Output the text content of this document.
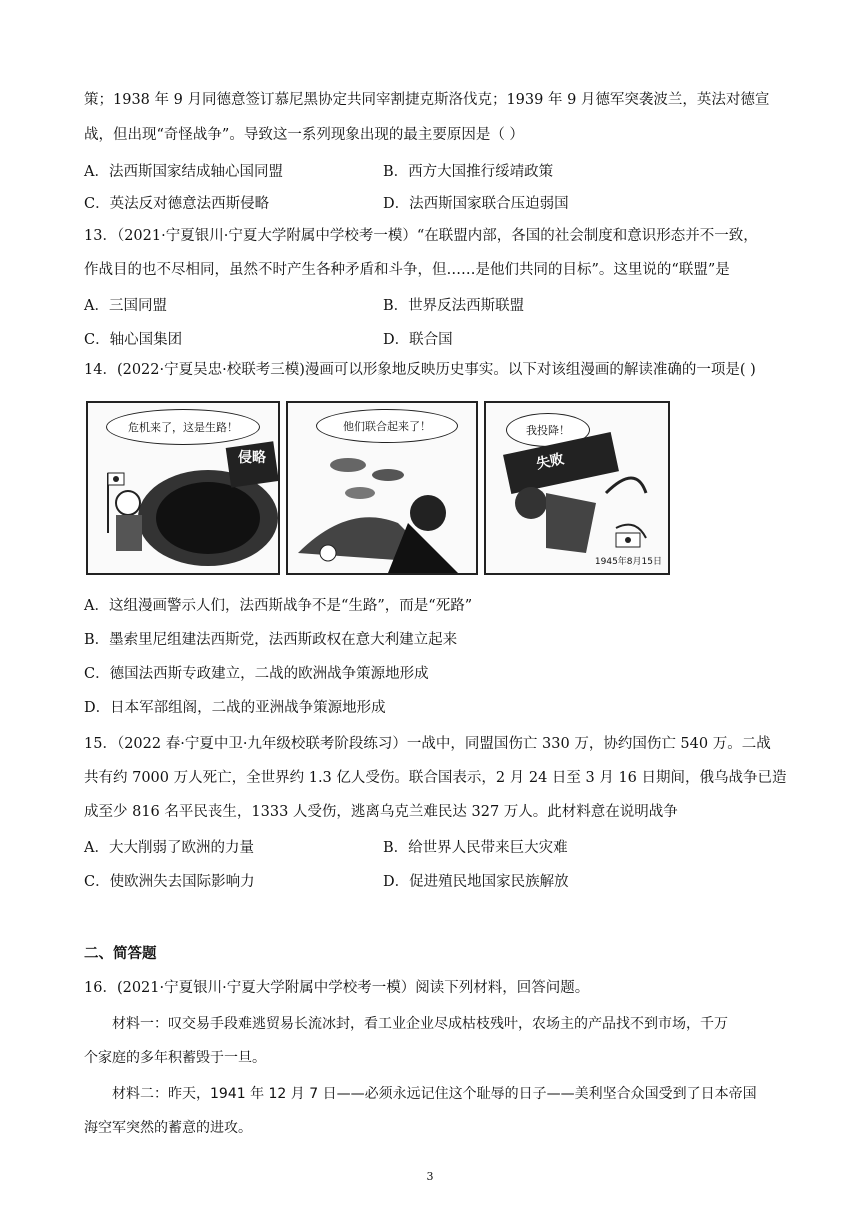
策；1938 年 9 月同德意签订慕尼黑协定共同宰割捷克斯洛伐克；1939 年 9 月德军突袭波兰，英法对德宣
战，但出现“奇怪战争”。导致这一系列现象出现的最主要原因是（ ）
A．法西斯国家结成轴心国同盟	B．西方大国推行绥靖政策
C．英法反对德意法西斯侵略	D．法西斯国家联合压迫弱国
13．（2021·宁夏银川·宁夏大学附属中学校考一模）“在联盟内部，各国的社会制度和意识形态并不一致，
作战目的也不尽相同，虽然不时产生各种矛盾和斗争，但……是他们共同的目标”。这里说的“联盟”是
A．三国同盟	B．世界反法西斯联盟
C．轴心国集团	D．联合国
14．(2022·宁夏吴忠·校联考三模)漫画可以形象地反映历史事实。以下对该组漫画的解读准确的一项是( )
危机来了，这是生路！
侵略
他们联合起来了！	我投降！
失败
1945年8月15日
A．这组漫画警示人们，法西斯战争不是“生路”，而是“死路”
B．墨索里尼组建法西斯党，法西斯政权在意大利建立起来
C．德国法西斯专政建立，二战的欧洲战争策源地形成
D．日本军部组阁，二战的亚洲战争策源地形成
15．（2022 春·宁夏中卫·九年级校联考阶段练习）一战中，同盟国伤亡 330 万，协约国伤亡 540 万。二战
共有约 7000 万人死亡，全世界约 1.3 亿人受伤。联合国表示，2 月 24 日至 3 月 16 日期间，俄乌战争已造
成至少 816 名平民丧生，1333 人受伤，逃离乌克兰难民达 327 万人。此材料意在说明战争
A．大大削弱了欧洲的力量	B．给世界人民带来巨大灾难
C．使欧洲失去国际影响力	D．促进殖民地国家民族解放
二、简答题
16．(2021·宁夏银川·宁夏大学附属中学校考一模）阅读下列材料，回答问题。
材料一：叹交易手段难逃贸易长流冰封，看工业企业尽成枯枝残叶，农场主的产品找不到市场，千万
个家庭的多年积蓄毁于一旦。
材料二：昨天，1941 年 12 月 7 日——必须永远记住这个耻辱的日子——美利坚合众国受到了日本帝国
海空军突然的蓄意的进攻。
3
